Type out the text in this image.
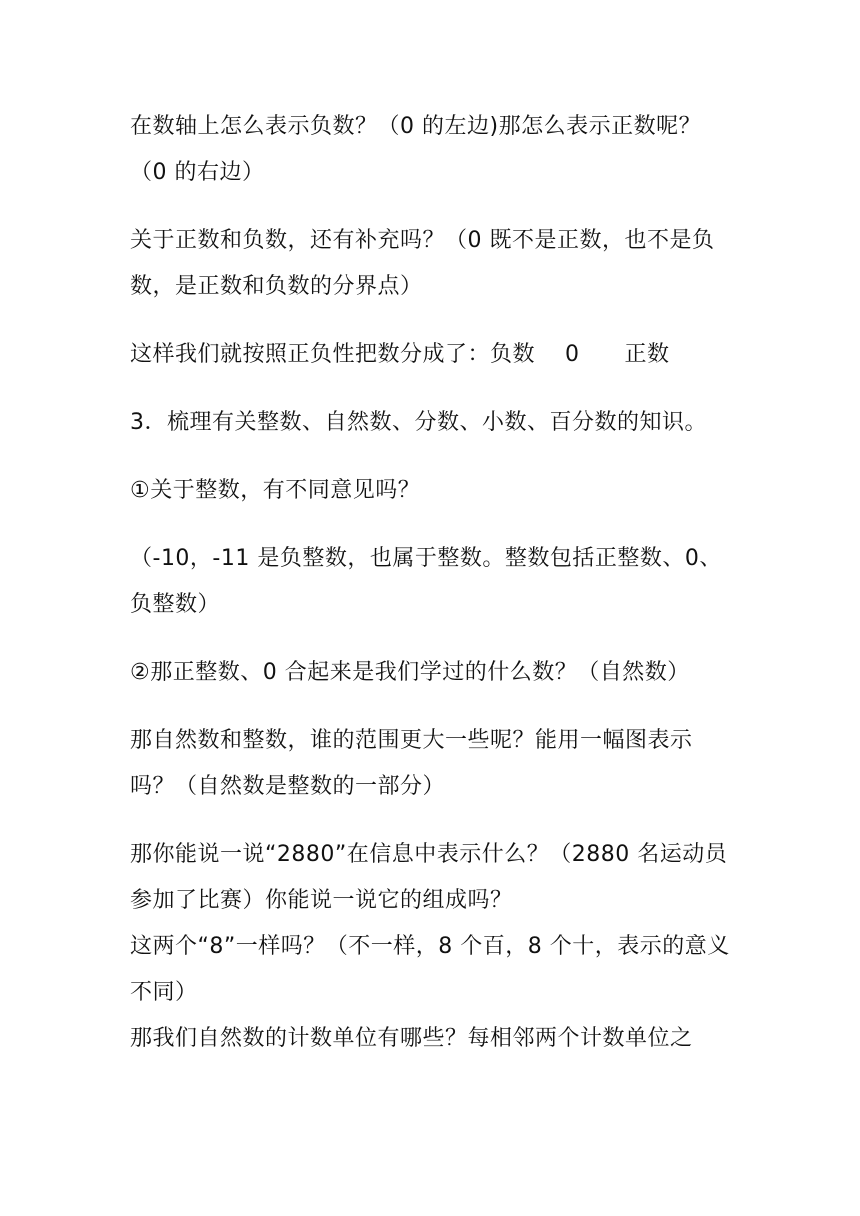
在数轴上怎么表示负数？（0 的左边)那怎么表示正数呢？（0 的右边）

关于正数和负数，还有补充吗？（0 既不是正数，也不是负数，是正数和负数的分界点）

这样我们就按照正负性把数分成了：负数　 0　　正数

3．梳理有关整数、自然数、分数、小数、百分数的知识。

①关于整数，有不同意见吗？

（-10，-11 是负整数，也属于整数。整数包括正整数、0、负整数）

②那正整数、0 合起来是我们学过的什么数？（自然数）

那自然数和整数，谁的范围更大一些呢？能用一幅图表示吗？（自然数是整数的一部分）

那你能说一说“2880”在信息中表示什么？（2880 名运动员参加了比赛）你能说一说它的组成吗？

这两个“8”一样吗？（不一样，8 个百，8 个十，表示的意义不同）

那我们自然数的计数单位有哪些？每相邻两个计数单位之
